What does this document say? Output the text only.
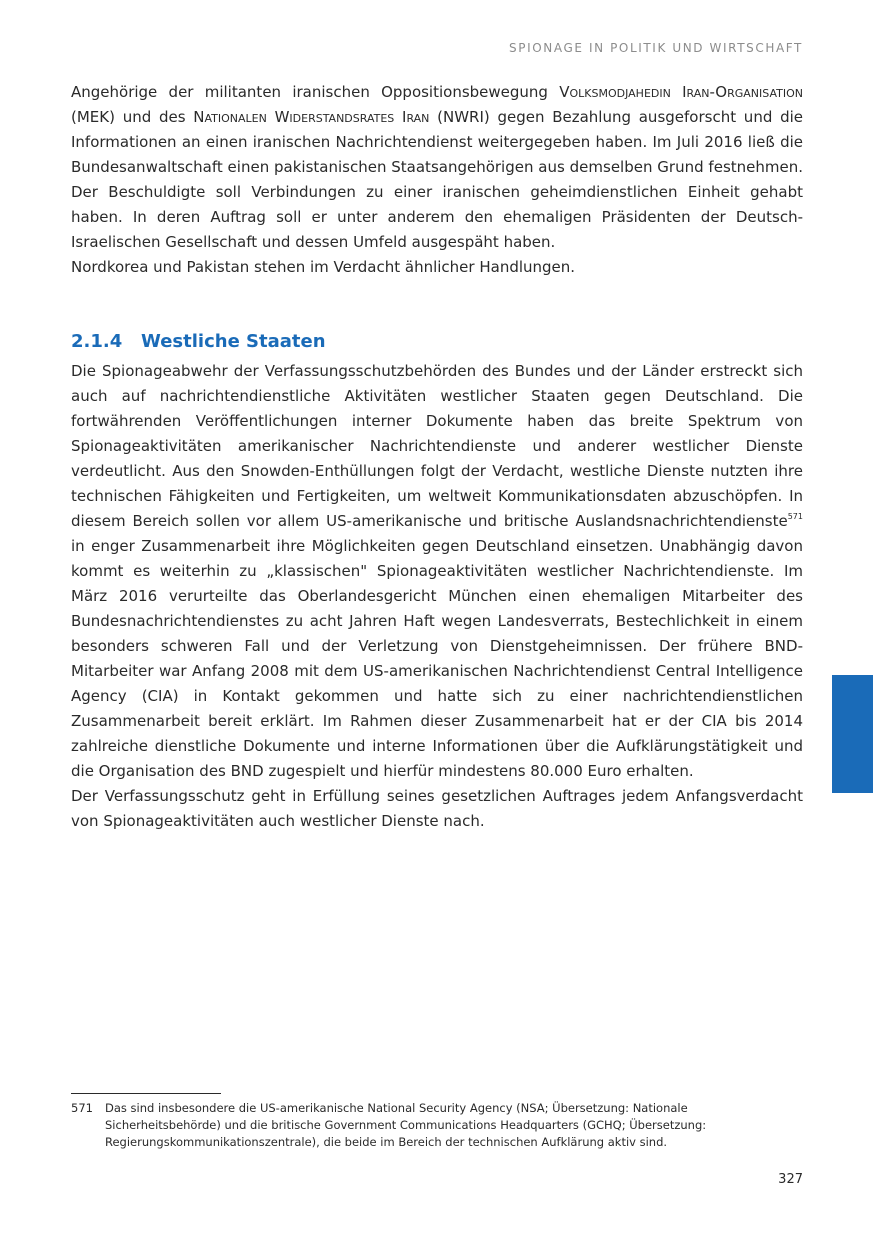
SPIONAGE IN POLITIK UND WIRTSCHAFT

Angehörige der militanten iranischen Oppositionsbewegung Volksmodjahedin Iran-Organisation (MEK) und des Nationalen Widerstandsrates Iran (NWRI) gegen Bezahlung ausgeforscht und die Informationen an einen iranischen Nachrichtendienst weitergegeben haben. Im Juli 2016 ließ die Bundesanwaltschaft einen pakistanischen Staatsangehörigen aus demselben Grund festnehmen. Der Beschuldigte soll Verbindungen zu einer iranischen geheimdienstlichen Einheit gehabt haben. In deren Auftrag soll er unter anderem den ehemaligen Präsidenten der Deutsch-Israelischen Gesellschaft und dessen Umfeld ausgespäht haben.

Nordkorea und Pakistan stehen im Verdacht ähnlicher Handlungen.

2.1.4	Westliche Staaten

Die Spionageabwehr der Verfassungsschutzbehörden des Bundes und der Länder erstreckt sich auch auf nachrichtendienstliche Aktivitäten westlicher Staaten gegen Deutschland. Die fortwährenden Veröffentlichungen interner Dokumente haben das breite Spektrum von Spionageaktivitäten amerikanischer Nachrichtendienste und anderer westlicher Dienste verdeutlicht. Aus den Snowden-Enthüllungen folgt der Verdacht, westliche Dienste nutzten ihre technischen Fähigkeiten und Fertigkeiten, um weltweit Kommunikationsdaten abzuschöpfen. In diesem Bereich sollen vor allem US-amerikanische und britische Auslandsnachrichtendienste$^{571}$ in enger Zusammenarbeit ihre Möglichkeiten gegen Deutschland einsetzen. Unabhängig davon kommt es weiterhin zu „klassischen" Spionageaktivitäten westlicher Nachrichtendienste. Im März 2016 verurteilte das Oberlandesgericht München einen ehemaligen Mitarbeiter des Bundesnachrichtendienstes zu acht Jahren Haft wegen Landesverrats, Bestechlichkeit in einem besonders schweren Fall und der Verletzung von Dienstgeheimnissen. Der frühere BND-Mitarbeiter war Anfang 2008 mit dem US-amerikanischen Nachrichtendienst Central Intelligence Agency (CIA) in Kontakt gekommen und hatte sich zu einer nachrichtendienstlichen Zusammenarbeit bereit erklärt. Im Rahmen dieser Zusammenarbeit hat er der CIA bis 2014 zahlreiche dienstliche Dokumente und interne Informationen über die Aufklärungstätigkeit und die Organisation des BND zugespielt und hierfür mindestens 80.000 Euro erhalten.

Der Verfassungsschutz geht in Erfüllung seines gesetzlichen Auftrages jedem Anfangsverdacht von Spionageaktivitäten auch westlicher Dienste nach.

571	Das sind insbesondere die US-amerikanische National Security Agency (NSA; Übersetzung: Nationale Sicherheitsbehörde) und die britische Government Communications Headquarters (GCHQ; Übersetzung: Regierungskommunikationszentrale), die beide im Bereich der technischen Aufklärung aktiv sind.
327
